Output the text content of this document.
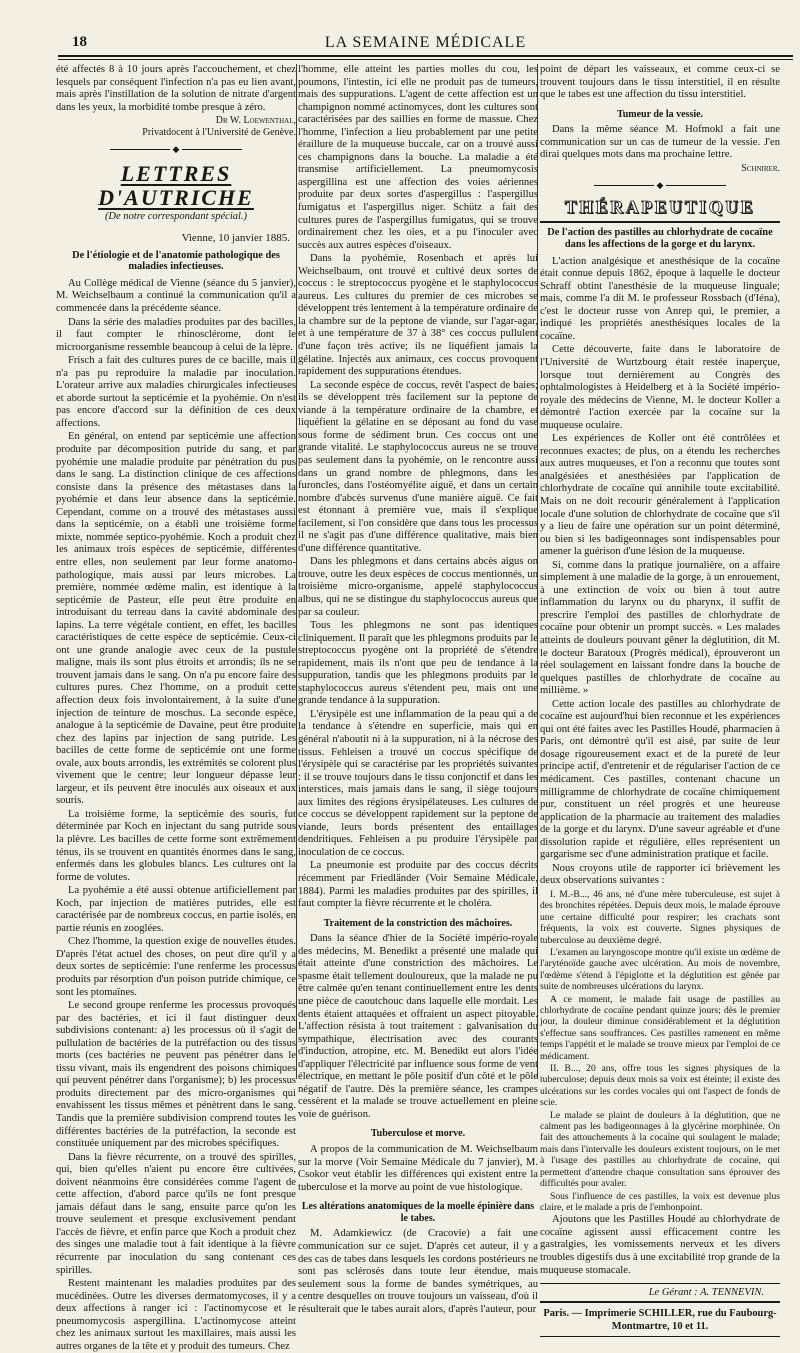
18	LA SEMAINE MÉDICALE

été affectés 8 à 10 jours après l'accouchement, et chez lesquels par conséquent l'infection n'a pas eu lien avant, mais après l'instillation de la solution de nitrate d'argent dans les yeux, la morbidité tombe presque à zéro.

Dr W. Loewenthal,
Privatdocent à l'Université de Genève.
◆
LETTRES D'AUTRICHE
(De notre correspondant spécial.)
Vienne, 10 janvier 1885.
De l'étiologie et de l'anatomie pathologique des maladies infectieuses.

Au Collège médical de Vienne (séance du 5 janvier), M. Weichselbaum a continué la communication qu'il a commencée dans la précédente séance.

Dans la série des maladies produites par des bacilles, il faut compter le rhinosclérome, dont le microorganisme ressemble beaucoup à celui de la lèpre.

Frisch a fait des cultures pures de ce bacille, mais il n'a pas pu reproduire la maladie par inoculation. L'orateur arrive aux maladies chirurgicales infectieuses et aborde surtout la septicémie et la pyohémie. On n'est pas encore d'accord sur la définition de ces deux affections.

En général, on entend par septicémie une affection produite par décomposition putride du sang, et par pyohémie une maladie produite par pénétration du pus dans le sang. La distinction clinique de ces affections consiste dans la présence des métastases dans la pyohémie et dans leur absence dans la septicémie. Cependant, comme on a trouvé des métastases aussi dans la septicémie, on a établi une troisième forme mixte, nommée septico-pyohémie. Koch a produit chez les animaux trois espèces de septicémie, différentes entre elles, non seulement par leur forme anatomo-pathologique, mais aussi par leurs microbes. La première, nommée œdème malin, est identique à la septicémie de Pasteur, elle peut être produite en introduisant du terreau dans la cavité abdominale des lapins. La terre végétale contient, en effet, les bacilles caractéristiques de cette espèce de septicémie. Ceux-ci ont une grande analogie avec ceux de la pustule maligne, mais ils sont plus étroits et arrondis; ils ne se trouvent jamais dans le sang. On n'a pu encore faire des cultures pures. Chez l'homme, on a produit cette affection deux fois involontairement, à la suite d'une injection de teinture de moschus. La seconde espèce, analogue à la septicémie de Davaine, peut être produite chez des lapins par injection de sang putride. Les bacilles de cette forme de septicémie ont une forme ovale, aux bouts arrondis, les extrémités se colorent plus vivement que le centre; leur longueur dépasse leur largeur, et ils peuvent être inoculés aux oiseaux et aux souris.

La troisième forme, la septicémie des souris, fut déterminée par Koch en injectant du sang putride sous la plèvre. Les bacilles de cette forme sont extrêmement ténus, ils se trouvent en quantités énormes dans le sang, enfermés dans les globules blancs. Les cultures ont la forme de volutes.

La pyohémie a été aussi obtenue artificiellement par Koch, par injection de matières putrides, elle est caractérisée par de nombreux coccus, en partie isolés, en partie réunis en zooglées.

Chez l'homme, la question exige de nouvelles études. D'après l'état actuel des choses, on peut dire qu'il y a deux sortes de septicémie: l'une renferme les processus produits par résorption d'un poison putride chimique, ce sont les ptomaïnes.

Le second groupe renferme les processus provoqués par des bactéries, et ici il faut distinguer deux subdivisions contenant: a) les processus où il s'agit de pullulation de bactéries de la putréfaction ou des tissus morts (ces bactéries ne peuvent pas pénétrer dans le tissu vivant, mais ils engendrent des poisons chimiques qui peuvent pénétrer dans l'organisme); b) les processus produits directement par des micro-organismes qui envahissent les tissus mêmes et pénètrent dans le sang. Tandis que la première subdivision comprend toutes les différentes bactéries de la putréfaction, la seconde est constituée uniquement par des microbes spécifiques.

Dans la fièvre récurrente, on a trouvé des spirilles, qui, bien qu'elles n'aient pu encore être cultivées, doivent néanmoins être considérées comme l'agent de cette affection, d'abord parce qu'ils ne font presque jamais défaut dans le sang, ensuite parce qu'on les trouve seulement et presque exclusivement pendant l'accès de fièvre, et enfin parce que Koch a produit chez des singes une maladie tout à fait identique à la fièvre récurrente par inoculation du sang contenant ces spirilles.

Restent maintenant les maladies produites par des mucédinées. Outre les diverses dermatomycoses, il y a deux affections à ranger ici : l'actinomycose et le pneumomycosis aspergillina. L'actinomycose atteint chez les animaux surtout les maxillaires, mais aussi les autres organes de la tête et y produit des tumeurs. Chez

l'homme, elle atteint les parties molles du cou, les poumons, l'intestin, ici elle ne produit pas de tumeurs, mais des suppurations. L'agent de cette affection est un champignon nommé actinomyces, dont les cultures sont caractérisées par des saillies en forme de massue. Chez l'homme, l'infection a lieu probablement par une petite éraillure de la muqueuse buccale, car on a trouvé aussi ces champignons dans la bouche. La maladie a été transmise artificiellement. La pneumomycosis aspergillina est une affection des voies aériennes produite par deux sortes d'aspergillus : l'aspergillus fumigatus et l'aspergillus niger. Schütz a fait des cultures pures de l'aspergillus fumigatus, qui se trouve ordinairement chez les oies, et a pu l'inoculer avec succès aux autres espèces d'oiseaux.

Dans la pyohémie, Rosenbach et après lui Weichselbaum, ont trouvé et cultivé deux sortes de coccus : le streptococcus pyogène et le staphylococcus aureus. Les cultures du premier de ces microbes se développent très lentement à la température ordinaire de la chambre sur de la peptone de viande, sur l'agar-agar, et à une température de 37 à 38° ces coccus pullulent d'une façon très active; ils ne liquéfient jamais la gélatine. Injectés aux animaux, ces coccus provoquent rapidement des suppurations étendues.

La seconde espèce de coccus, revêt l'aspect de baies; ils se développent très facilement sur la peptone de viande à la température ordinaire de la chambre, et liquéfient la gélatine en se déposant au fond du vase sous forme de sédiment brun. Ces coccus ont une grande vitalité. Le staphylococcus aureus ne se trouve pas seulement dans la pyohémie, on le rencontre aussi dans un grand nombre de phlegmons, dans les furoncles, dans l'ostéomyélite aiguë, et dans un certain nombre d'abcès survenus d'une manière aiguë. Ce fait est étonnant à première vue, mais il s'explique facilement, si l'on considère que dans tous les processus il ne s'agit pas d'une différence qualitative, mais bien d'une différence quantitative.

Dans les phlegmons et dans certains abcès aigus on trouve, outre les deux espèces de coccus mentionnés, un troisième micro-organisme, appelé staphylococcus albus, qui ne se distingue du staphylococcus aureus que par sa couleur.

Tous les phlegmons ne sont pas identiques cliniquement. Il paraît que les phlegmons produits par le streptococcus pyogène ont la propriété de s'étendre rapidement, mais ils n'ont que peu de tendance à la suppuration, tandis que les phlegmons produits par le staphylococcus aureus s'étendent peu, mais ont une grande tendance à la suppuration.

L'érysipèle est une inflammation de la peau qui a de la tendance à s'étendre en superficie, mais qui en général n'aboutit ni à la suppuration, ni à la nécrose des tissus. Fehleisen a trouvé un coccus spécifique de l'érysipèle qui se caractérise par les propriétés suivantes : il se trouve toujours dans le tissu conjonctif et dans les interstices, mais jamais dans le sang, il siège toujours aux limites des régions érysipélateuses. Les cultures de ce coccus se développent rapidement sur la peptone de viande, leurs bords présentent des entaillages dendritiques. Fehleisen a pu produire l'érysipèle par inoculation de ce coccus.

La pneumonie est produite par des coccus décrits récemment par Friedländer (Voir Semaine Médicale, 1884). Parmi les maladies produites par des spirilles, il faut compter la fièvre récurrente et le choléra.

Traitement de la constriction des mâchoires.

Dans la séance d'hier de la Société império-royale des médecins, M. Benedikt a présenté une malade qui était atteinte d'une constriction des mâchoires. Le spasme était tellement douloureux, que la malade ne pu être calmée qu'en tenant continuellement entre les dents une pièce de caoutchouc dans laquelle elle mordait. Les dents étaient attaquées et offraient un aspect pitoyable. L'affection résista à tout traitement : galvanisation du sympathique, électrisation avec des courants d'induction, atropine, etc. M. Benedikt eut alors l'idée d'appliquer l'électricité par influence sous forme de vent électrique, en mettant le pôle positif d'un côté et le pôle négatif de l'autre. Dès la première séance, les crampes cessèrent et la malade se trouve actuellement en pleine voie de guérison.

Tuberculose et morve.

A propos de la communication de M. Weichselbaum sur la morve (Voir Semaine Médicale du 7 janvier), M. Csokor veut établir les différences qui existent entre la tuberculose et la morve au point de vue histologique.

Les altérations anatomiques de la moelle épinière dans le tabes.

M. Adamkiewicz (de Cracovie) a fait une communication sur ce sujet. D'après cet auteur, il y a des cas de tabes dans lesquels les cordons postérieurs ne sont pas sclérosés dans toute leur étendue, mais seulement sous la forme de bandes symétriques, au centre desquelles on trouve toujours un vaisseau, d'où il résulterait que le tabes aurait alors, d'après l'auteur, pour

point de départ les vaisseaux, et comme ceux-ci se trouvent toujours dans le tissu interstitiel, il en résulte que le tabes est une affection du tissu interstitiel.

Tumeur de la vessie.

Dans la même séance M. Hofmokl a fait une communication sur un cas de tumeur de la vessie. J'en dirai quelques mots dans ma prochaine lettre.

Schnirer.
◆
THÉRAPEUTIQUE
De l'action des pastilles au chlorhydrate de cocaïne dans les affections de la gorge et du larynx.

L'action analgésique et anesthésique de la cocaïne était connue depuis 1862, époque à laquelle le docteur Schraff obtint l'anesthésie de la muqueuse linguale; mais, comme l'a dit M. le professeur Rossbach (d'Iéna), c'est le docteur russe von Anrep qui, le premier, a indiqué les propriétés anesthésiques locales de la cocaïne.

Cette découverte, faite dans le laboratoire de l'Université de Wurtzbourg était restée inaperçue, lorsque tout dernièrement au Congrès des ophtalmologistes à Heidelberg et à la Société império-royale des médecins de Vienne, M. le docteur Koller a démontré l'action exercée par la cocaïne sur la muqueuse oculaire.

Les expériences de Koller ont été contrôlées et reconnues exactes; de plus, on a étendu les recherches aux autres muqueuses, et l'on a reconnu que toutes sont analgésiées et anesthésiées par l'application de chlorhydrate de cocaïne qui annihile toute excitabilité. Mais on ne doit recourir généralement à l'application locale d'une solution de chlorhydrate de cocaïne que s'il y a lieu de faire une opération sur un point déterminé, ou bien si les badigeonnages sont indispensables pour amener la guérison d'une lésion de la muqueuse.

Si, comme dans la pratique journalière, on a affaire simplement à une maladie de la gorge, à un enrouement, à une extinction de voix ou bien à tout autre inflammation du larynx ou du pharynx, il suffit de prescrire l'emploi des pastilles de chlorhydrate de cocaïne pour obtenir un prompt succès. « Les malades atteints de douleurs pouvant gêner la déglutition, dit M. le docteur Baratoux (Progrès médical), éprouveront un réel soulagement en laissant fondre dans la bouche de quelques pastilles de chlorhydrate de cocaïne au millième. »

Cette action locale des pastilles au chlorhydrate de cocaïne est aujourd'hui bien reconnue et les expériences qui ont été faites avec les Pastilles Houdé, pharmacien à Paris, ont démontré qu'il est aisé, par suite de leur dosage rigoureusement exact et de la pureté de leur principe actif, d'entretenir et de régulariser l'action de ce médicament. Ces pastilles, contenant chacune un milligramme de chlorhydrate de cocaïne chimiquement pur, constituent un réel progrès et une heureuse application de la pharmacie au traitement des maladies de la gorge et du larynx. D'une saveur agréable et d'une dissolution rapide et régulière, elles représentent un gargarisme sec d'une administration pratique et facile.

Nous croyons utile de rapporter ici brièvement les deux observations suivantes :

I. M.-B..., 46 ans, né d'une mère tuberculeuse, est sujet à des bronchites répétées. Depuis deux mois, le malade éprouve une certaine difficulté pour respirer; les crachats sont fréquents, la voix est couverte. Signes physiques de tuberculose au deuxième degré.

L'examen au laryngoscope montre qu'il existe un œdème de l'aryténoïde gauche avec ulcération. Au mois de novembre, l'œdème s'étend à l'épiglotte et la déglutition est gênée par suite de nombreuses ulcérations du larynx.

A ce moment, le malade fait usage de pastilles au chlorhydrate de cocaïne pendant quinze jours; dès le premier jour, la douleur diminue considérablement et la déglutition s'effectue sans souffrances. Ces pastilles ramenent en même temps l'appétit et le malade se trouve mieux par l'emploi de ce médicament.

II. B..., 20 ans, offre tous les signes physiques de la tuberculose; depuis deux mois sa voix est éteinte; il existe des ulcérations sur les cordes vocales qui ont l'aspect de fonds de scie.

Le malade se plaint de douleurs à la déglutition, que ne calment pas les badigeonnages à la glycérine morphinée. On fait des attouchements à la cocaïne qui soulagent le malade; mais dans l'intervalle les douleurs existent toujours, on le met à l'usage des pastilles au chlorhydrate de cocaïne, qui permettent d'attendre chaque consultation sans éprouver des difficultés pour avaler.

Sous l'influence de ces pastilles, la voix est devenue plus claire, et le malade a pris de l'embonpoint.

Ajoutons que les Pastilles Houdé au chlorhydrate de cocaïne agissent aussi efficacement contre les gastralgies, les vomissements nerveux et les divers troubles digestifs dus à une excitabilité trop grande de la muqueuse stomacale.

Le Gérant : A. TENNEVIN.
Paris. — Imprimerie SCHILLER, rue du Faubourg-
Montmartre, 10 et 11.
